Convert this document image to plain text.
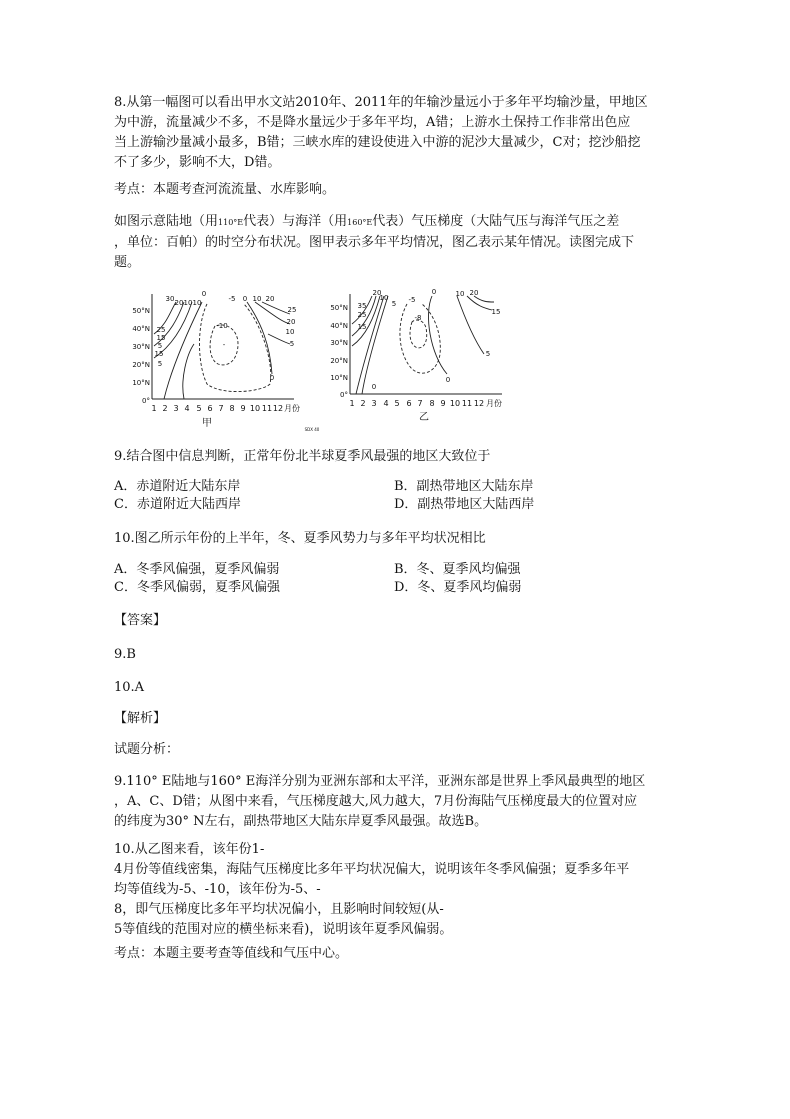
8.从第一幅图可以看出甲水文站2010年、2011年的年输沙量远小于多年平均输沙量，甲地区
为中游，流量减少不多，不是降水量远少于多年平均，A错；上游水土保持工作非常出色应
当上游输沙量减小最多，B错；三峡水库的建设使进入中游的泥沙大量减少，C对；挖沙船挖
不了多少，影响不大，D错。

考点：本题考查河流流量、水库影响。

如图示意陆地（用110°E代表）与海洋（用160°E代表）气压梯度（大陆气压与海洋气压之差
，单位：百帕）的时空分布状况。图甲表示多年平均情况，图乙表示某年情况。读图完成下
题。
50°N
40°N
30°N
20°N
10°N
0°
1 2 3 4 5 6 7 8 9 10 11 12 月份
30 20 10 10
0
-5 0 10 20
25
25
20
15
5
-10
10
5
0
5
15
-
甲
50°N
40°N
30°N
20°N
10°N
0°
1 2 3 4 5 6 7 8 9 10 11 12 月份
35
25
15
20
10
5 -5
0	10 20
15
-8
5
0
0
乙
SDX 40

9.结合图中信息判断，正常年份北半球夏季风最强的地区大致位于

A．赤道附近大陆东岸	B．副热带地区大陆东岸
C．赤道附近大陆西岸	D．副热带地区大陆西岸

10.图乙所示年份的上半年，冬、夏季风势力与多年平均状况相比

A．冬季风偏强，夏季风偏弱	B．冬、夏季风均偏强
C．冬季风偏弱，夏季风偏强	D．冬、夏季风均偏弱

【答案】

9.B

10.A

【解析】

试题分析：

9.110° E陆地与160° E海洋分别为亚洲东部和太平洋，亚洲东部是世界上季风最典型的地区
，A、C、D错；从图中来看，气压梯度越大,风力越大，7月份海陆气压梯度最大的位置对应
的纬度为30° N左右，副热带地区大陆东岸夏季风最强。故选B。
10.从乙图来看，该年份1-
4月份等值线密集，海陆气压梯度比多年平均状况偏大，说明该年冬季风偏强；夏季多年平
均等值线为-5、-10，该年份为-5、-
8，即气压梯度比多年平均状况偏小，且影响时间较短(从-
5等值线的范围对应的横坐标来看)，说明该年夏季风偏弱。

考点：本题主要考查等值线和气压中心。
